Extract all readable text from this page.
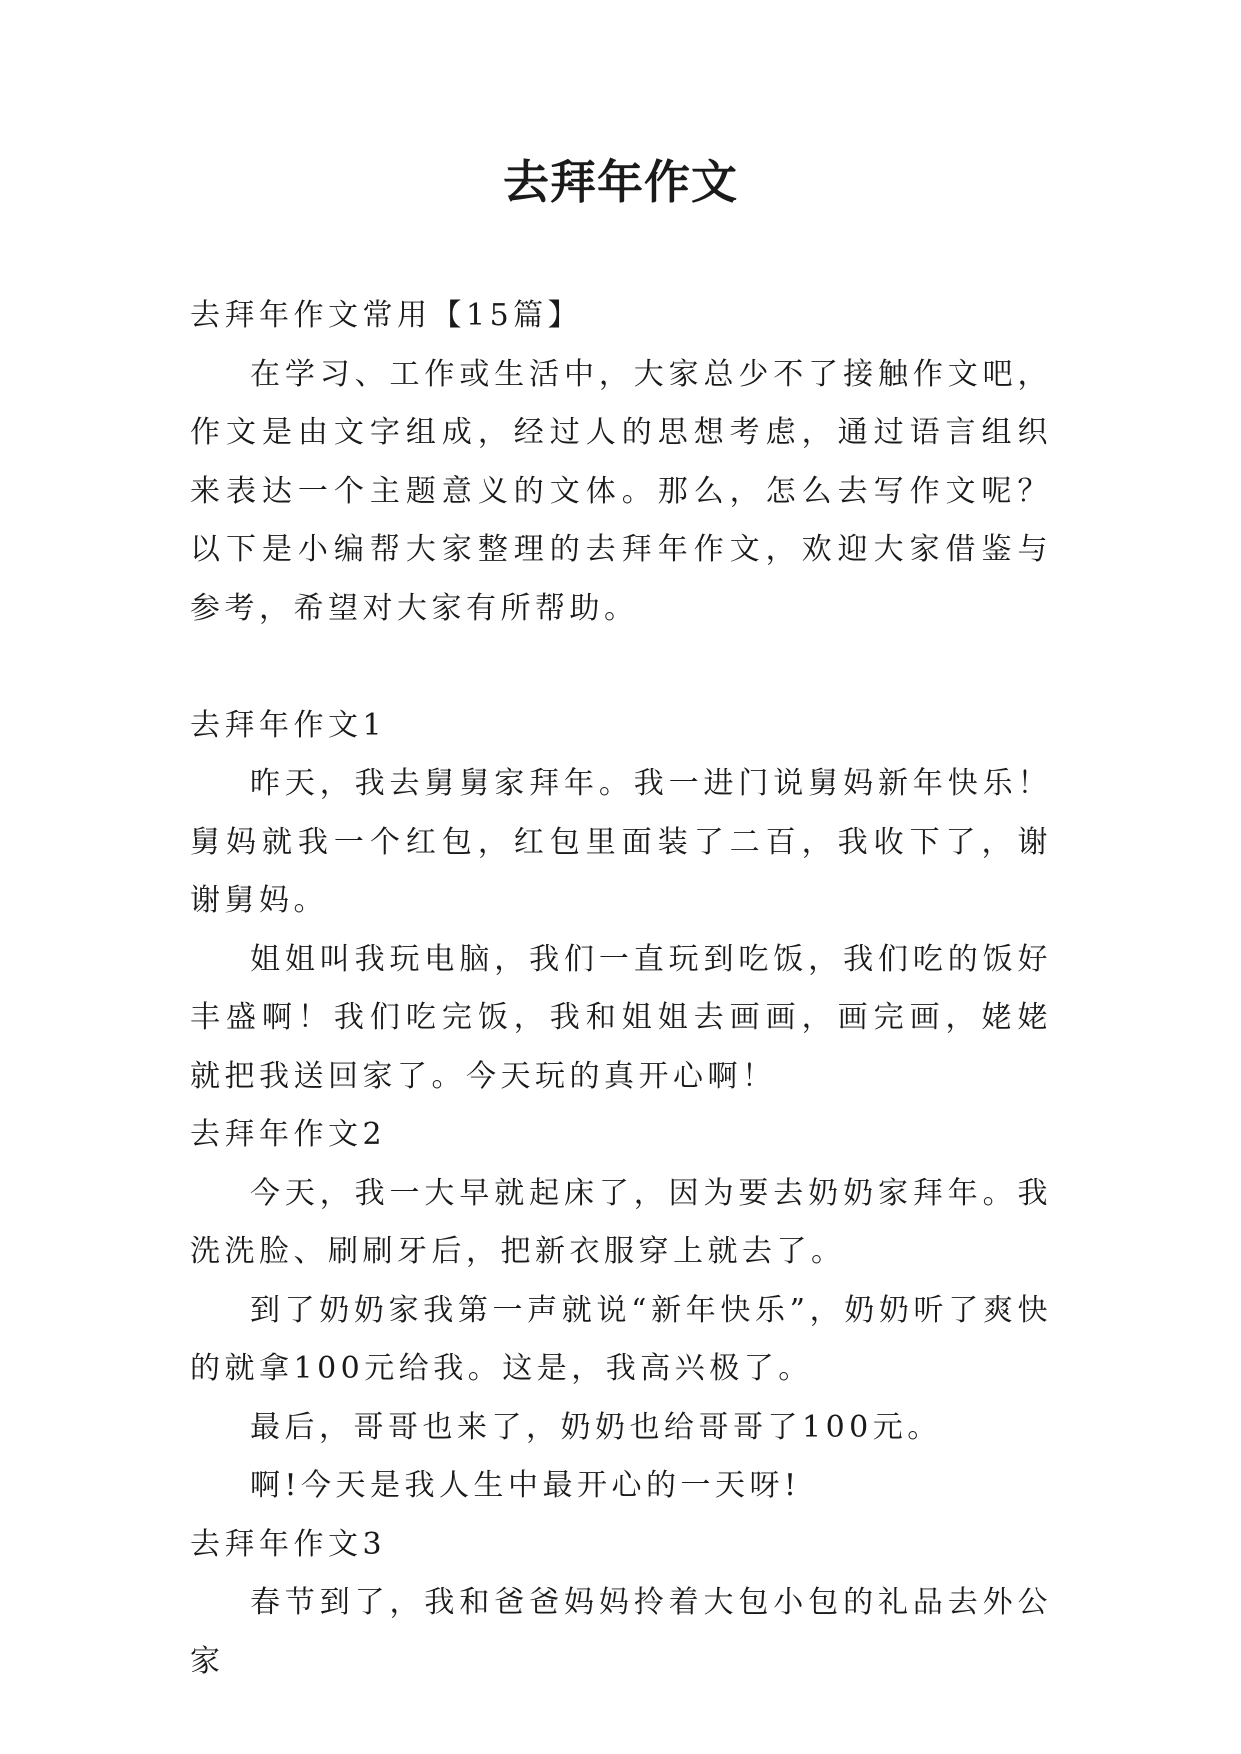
去拜年作文
去拜年作文常用【15篇】

在学习、工作或生活中，大家总少不了接触作文吧，作文是由文字组成，经过人的思想考虑，通过语言组织来表达一个主题意义的文体。那么，怎么去写作文呢？以下是小编帮大家整理的去拜年作文，欢迎大家借鉴与参考，希望对大家有所帮助。

去拜年作文1

昨天，我去舅舅家拜年。我一进门说舅妈新年快乐！舅妈就我一个红包，红包里面装了二百，我收下了，谢谢舅妈。

姐姐叫我玩电脑，我们一直玩到吃饭，我们吃的饭好丰盛啊！我们吃完饭，我和姐姐去画画，画完画，姥姥就把我送回家了。今天玩的真开心啊！

去拜年作文2

今天，我一大早就起床了，因为要去奶奶家拜年。我洗洗脸、刷刷牙后，把新衣服穿上就去了。

到了奶奶家我第一声就说“新年快乐”，奶奶听了爽快的就拿100元给我。这是，我高兴极了。

最后，哥哥也来了，奶奶也给哥哥了100元。

啊!今天是我人生中最开心的一天呀!

去拜年作文3

春节到了，我和爸爸妈妈拎着大包小包的礼品去外公家
